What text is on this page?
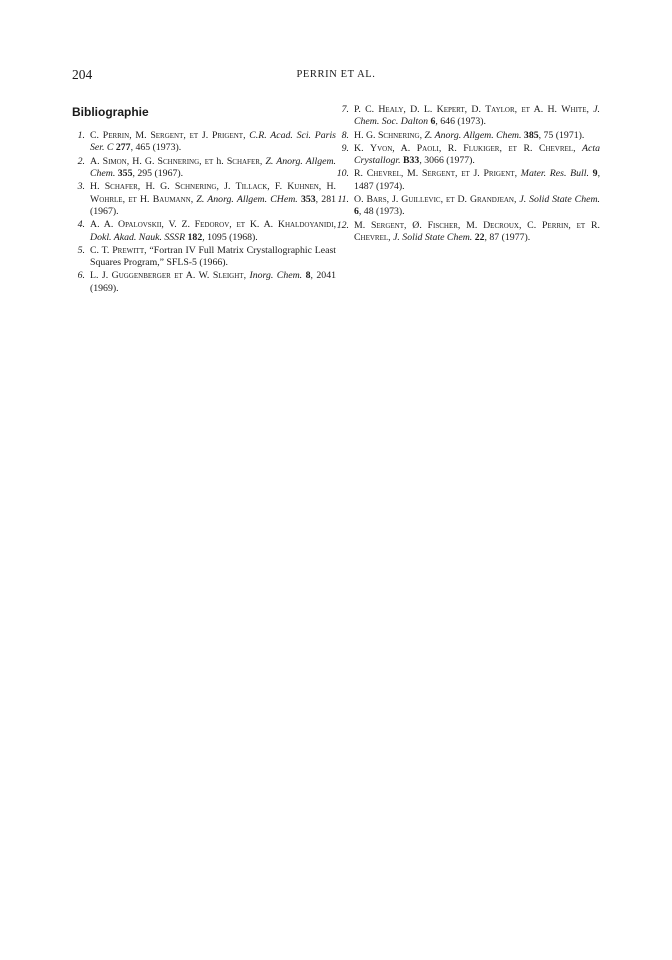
204	PERRIN ET AL.
Bibliographie
1. C. Perrin, M. Sergent, et J. Prigent, C.R. Acad. Sci. Paris Ser. C 277, 465 (1973).
2. A. Simon, H. G. Schnering, et h. Schafer, Z. Anorg. Allgem. Chem. 355, 295 (1967).
3. H. Schafer, H. G. Schnering, J. Tillack, F. Kuhnen, H. Wohrle, et H. Baumann, Z. Anorg. Allgem. CHem. 353, 281 (1967).
4. A. A. Opalovskii, V. Z. Fedorov, et K. A. Khaldoyanidi, Dokl. Akad. Nauk. SSSR 182, 1095 (1968).
5. C. T. Prewitt, “Fortran IV Full Matrix Crystallographic Least Squares Program,” SFLS-5 (1966).
6. L. J. Guggenberger et A. W. Sleight, Inorg. Chem. 8, 2041 (1969).
7. P. C. Healy, D. L. Kepert, D. Taylor, et A. H. White, J. Chem. Soc. Dalton 6, 646 (1973).
8. H. G. Schnering, Z. Anorg. Allgem. Chem. 385, 75 (1971).
9. K. Yvon, A. Paoli, R. Flukiger, et R. Chevrel, Acta Crystallogr. B33, 3066 (1977).
10. R. Chevrel, M. Sergent, et J. Prigent, Mater. Res. Bull. 9, 1487 (1974).
11. O. Bars, J. Guillevic, et D. Grandjean, J. Solid State Chem. 6, 48 (1973).
12. M. Sergent, Ø. Fischer, M. Decroux, C. Perrin, et R. Chevrel, J. Solid State Chem. 22, 87 (1977).
